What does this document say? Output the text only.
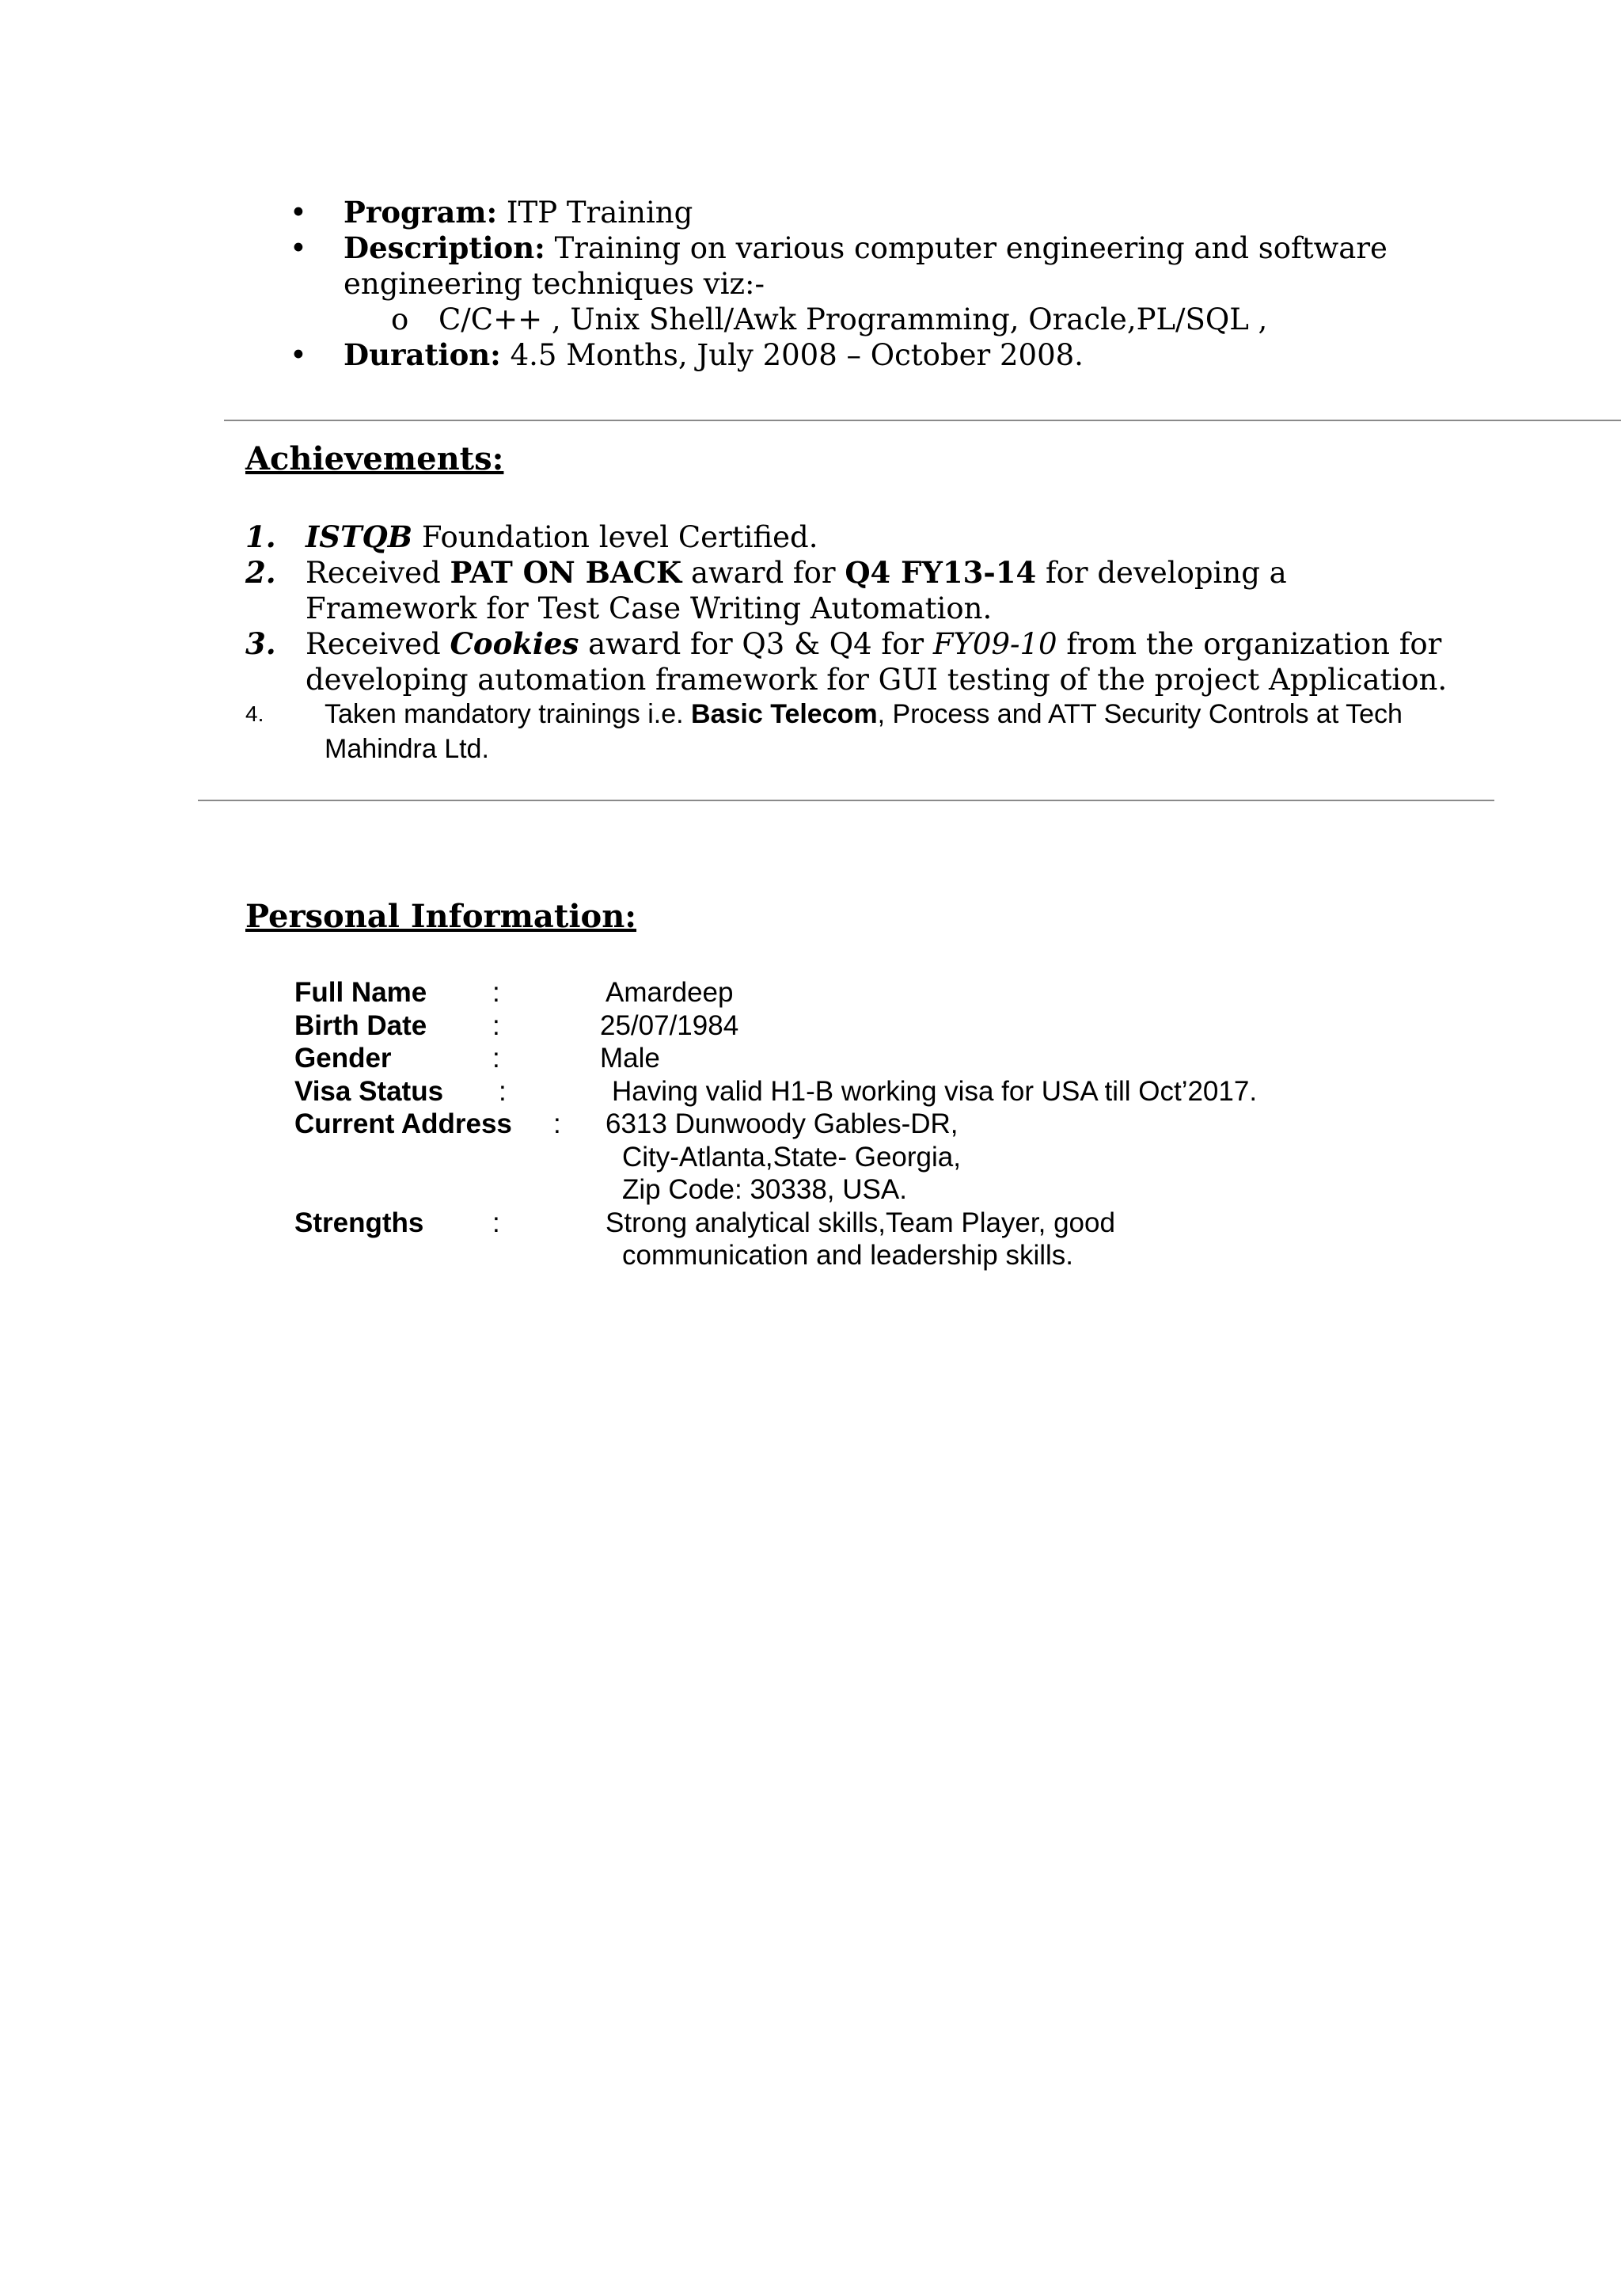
• Program: ITP Training
• Description: Training on various computer engineering and software engineering techniques viz:-
o C/C++ , Unix Shell/Awk Programming, Oracle,PL/SQL ,
• Duration: 4.5 Months, July 2008 – October 2008.
Achievements:
1. ISTQB Foundation level Certified.
2. Received PAT ON BACK award for Q4 FY13-14 for developing a Framework for Test Case Writing Automation.
3. Received Cookies award for Q3 & Q4 for FY09-10 from the organization for developing automation framework for GUI testing of the project Application.
4. Taken mandatory trainings i.e. Basic Telecom, Process and ATT Security Controls at Tech Mahindra Ltd.
Personal Information:
Full Name :	Amardeep
Birth Date :	25/07/1984
Gender	:	Male
Visa Status :	Having valid H1-B working visa for USA till Oct’2017.
Current Address : 6313 Dunwoody Gables-DR,
City-Atlanta,State- Georgia,
Zip Code: 30338, USA.
Strengths :	Strong analytical skills,Team Player, good
communication and leadership skills.
